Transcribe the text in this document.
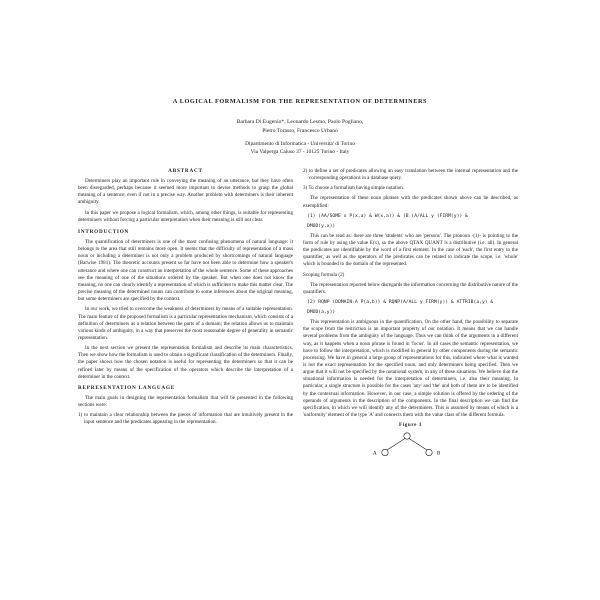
A LOGICAL FORMALISM FOR THE REPRESENTATION OF DETERMINERS
Barbara Di Eugenio*, Leonardo Lesmo, Paolo Pogliano,
Pietro Torasso, Francesco Urbano
Dipartimento di Informatica - Universita' di Torino
Via Valperga Caluso 37 - 10125 Torino - Italy
ABSTRACT

Determiners play an important role in conveying the meaning of an utterance, but they have often been disregarded, perhaps because it seemed more important to devise methods to grasp the global meaning of a sentence, even if not in a precise way. Another problem with determiners is their inherent ambiguity.

In this paper we propose a logical formalism, which, among other things, is suitable for representing determiners without forcing a particular interpretation when their meaning is still not clear.

INTRODUCTION

The quantification of determiners is one of the most confusing phenomena of natural language: it belongs to the area that still remains more open. It seems that the difficulty of representation of a mass noun or including a determiner is not only a problem produced by shortcomings of natural language (Barwise 1981). The theoretic accounts present so far have not been able to determine how a speaker's utterance and where one can construct an interpretation of the whole sentence. Some of these approaches see the meaning of one of the situations ordered by the speaker. But when one does not know the meaning, no one can clearly identify a representation of which is sufficient to make this matter clear. The precise meaning of the determined nouns can contribute to some inferences about the original meaning, but some determiners are specified by the context.

In our work, we tried to overcome the weakness of determiners by means of a suitable representation. The main feature of the proposed formalism is a particular representation mechanism, which consists of a definition of determiners as a relation between the parts of a domain; the relation allows us to maintain various kinds of ambiguity, in a way that preserves the most reasonable degree of generality in semantic representation.

In the next section we present the representation formalism and describe its main characteristics. Then we show how the formalism is used to obtain a significant classification of the determiners. Finally, the paper shows how the chosen notation is useful for representing the determiners so that it can be refined later by means of the specification of the operators which describe the interpretation of a determiner in the context.

REPRESENTATION LANGUAGE

The main goals in designing the representation formalism that will be presented in the following sections were:

1) to maintain a clear relationship between the pieces of information that are intuitively present in the input sentence and the predicates appearing in the representation.

2) to define a set of predicates allowing an easy translation between the internal representation and the corresponding operations in a database query.

3) To choose a formalism having simple notation.

The representation of these noun phrases with the predicates shown above can be described, as exemplified:

(1) (AA/SOME x P(x,a) & W(x,a)) & (B (A/ALL y (FIRM(y)) &
DMOD(y,x))

This can be read as: there are three 'students' who are 'persons'. The pronoun -(1)- is pointing to the form of rule by using the value E(x), so the above QTAX QUANT is a distributive (i.e. all). In general the predicates are identifiable by the word of a first element. In the case of 'each', the first entry to the quantifier, as well as the operators of the predicates can be related to indicate the scope, i.e. 'whole' which is bounded to the domain of the represented.

Scoping formula (2)

The representation reported below disregards the information concerning the distributive nature of the quantifiers.

(2) RQNP (DOMAIN-A P(a,b)) & RQNP(A/ALL y FIRM(y)) & ATTRIB(a,y) &
DMOD(a,y))

This representation is ambiguous in the quantification. On the other hand, the possibility to separate the scope from the restriction is an important property of our notation. It means that we can handle several problems from the ambiguity of the language. Thus we can think of the arguments in a different way, as it happens when a noun phrase is found in 'focus'. In all cases the semantic representation, we have to follow the interpretation, which is modified in general by other components during the semantic processing. We have in general a large group of representations for this, indicated where what is wanted is not the exact representation for the specified noun, and only determiners being specified. Then we argue that it will not be specified by the notational system, in any of these situations. We believe that the situational information is needed for the interpretation of determiners, i.e. also their meaning. In particular, a single structure is possible for the cases 'any' and 'the' and both of them are to be identified by the contextual information. However, in our case, a simple solution is offered by the ordering of the operands of arguments in the description of the components. In the final description we can find the specification, in which we will identify any of the determiners. This is assumed by means of which is a 'uniformity' element of the type 'A' and connects them with the value class of the different formula.

Figure 1
A	B
